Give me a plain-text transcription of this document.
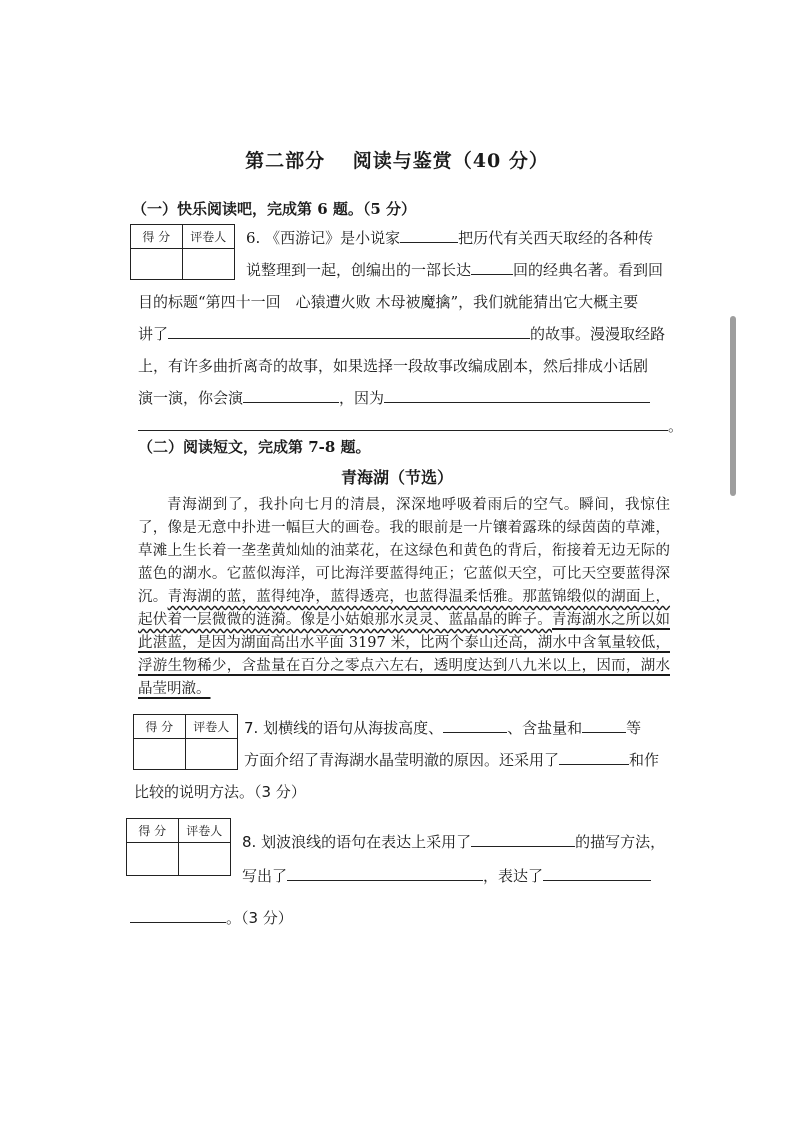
第二部分　 阅读与鉴赏（40 分）
（一）快乐阅读吧，完成第 6 题。（5 分）
得 分	评卷人	6. 《西游记》是小说家	把历代有关西天取经的各种传
说整理到一起，创编出的一部长达	回的经典名著。看到回
目的标题“第四十一回　心猿遭火败 木母被魔擒”，我们就能猜出它大概主要
讲了	的故事。漫漫取经路
上，有许多曲折离奇的故事，如果选择一段故事改编成剧本，然后排成小话剧
演一演，你会演	，因为
。
（二）阅读短文，完成第 7-8 题。
青海湖（节选）
青海湖到了，我扑向七月的清晨，深深地呼吸着雨后的空气。瞬间，我惊住了，像是无意中扑进一幅巨大的画卷。我的眼前是一片镶着露珠的绿茵茵的草滩，草滩上生长着一垄垄黄灿灿的油菜花，在这绿色和黄色的背后，衔接着无边无际的蓝色的湖水。它蓝似海洋，可比海洋要蓝得纯正；它蓝似天空，可比天空要蓝得深沉。青海湖的蓝，蓝得纯净，蓝得透亮，也蓝得温柔恬雅。那蓝锦缎似的湖面上，起伏着一层微微的涟漪。像是小姑娘那水灵灵、蓝晶晶的眸子。青海湖水之所以如此湛蓝，是因为湖面高出水平面 3197 米，比两个泰山还高，湖水中含氧量较低，浮游生物稀少，含盐量在百分之零点六左右，透明度达到八九米以上，因而，湖水晶莹明澈。
得 分	评卷人 7. 划横线的语句从海拔高度、	、含盐量和	等
方面介绍了青海湖水晶莹明澈的原因。还采用了	和作
比较的说明方法。（3 分）
得 分	评卷人
8. 划波浪线的语句在表达上采用了	的描写方法，
写出了	，表达了
。（3 分）
